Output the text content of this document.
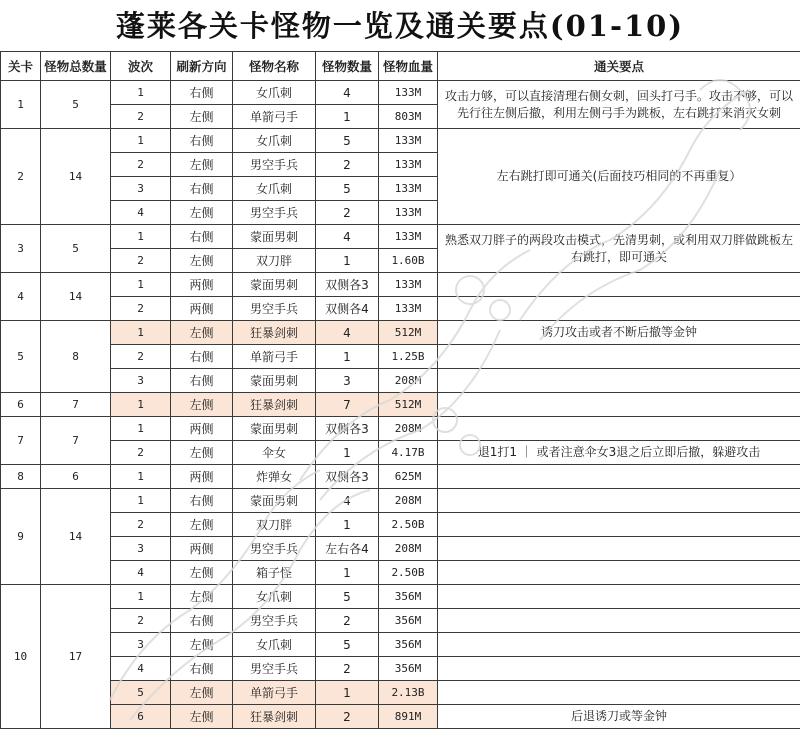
蓬莱各关卡怪物一览及通关要点(01-10)
关卡	怪物总数量	波次	刷新方向	怪物名称	怪物数量	怪物血量	通关要点
1	5	1	右侧	女爪刺	4	133M	攻击力够，可以直接清理右侧女刺，回头打弓手。攻击不够，可以先行往左侧后撤，利用左侧弓手为跳板，左右跳打来消灭女刺
		2	左侧	单箭弓手	1	803M	
2	14	1	右侧	女爪刺	5	133M	左右跳打即可通关(后面技巧相同的不再重复）
		2	左侧	男空手兵	2	133M	
		3	右侧	女爪刺	5	133M	
		4	左侧	男空手兵	2	133M	
3	5	1	右侧	蒙面男刺	4	133M	熟悉双刀胖子的两段攻击模式，先清男刺，或利用双刀胖做跳板左右跳打，即可通关
		2	左侧	双刀胖	1	1.60B	
4	14	1	两侧	蒙面男刺	双侧各3	133M	
		2	两侧	男空手兵	双侧各4	133M	
5	8	1	左侧	狂暴剑刺	4	512M	诱刀攻击或者不断后撤等金钟
		2	右侧	单箭弓手	1	1.25B	
		3	右侧	蒙面男刺	3	208M	
6	7	1	左侧	狂暴剑刺	7	512M	
7	7	1	两侧	蒙面男刺	双侧各3	208M	
		2	左侧	伞女	1	4.17B	退1打1 ｜ 或者注意伞女3退之后立即后撤，躲避攻击
8	6	1	两侧	炸弹女	双侧各3	625M	
9	14	1	右侧	蒙面男刺	4	208M	
		2	左侧	双刀胖	1	2.50B	
		3	两侧	男空手兵	左右各4	208M	
		4	左侧	箱子怪	1	2.50B	
10	17	1	左侧	女爪刺	5	356M	
		2	右侧	男空手兵	2	356M	
		3	左侧	女爪刺	5	356M	
		4	右侧	男空手兵	2	356M	
		5	左侧	单箭弓手	1	2.13B	
		6	左侧	狂暴剑刺	2	891M	后退诱刀或等金钟
